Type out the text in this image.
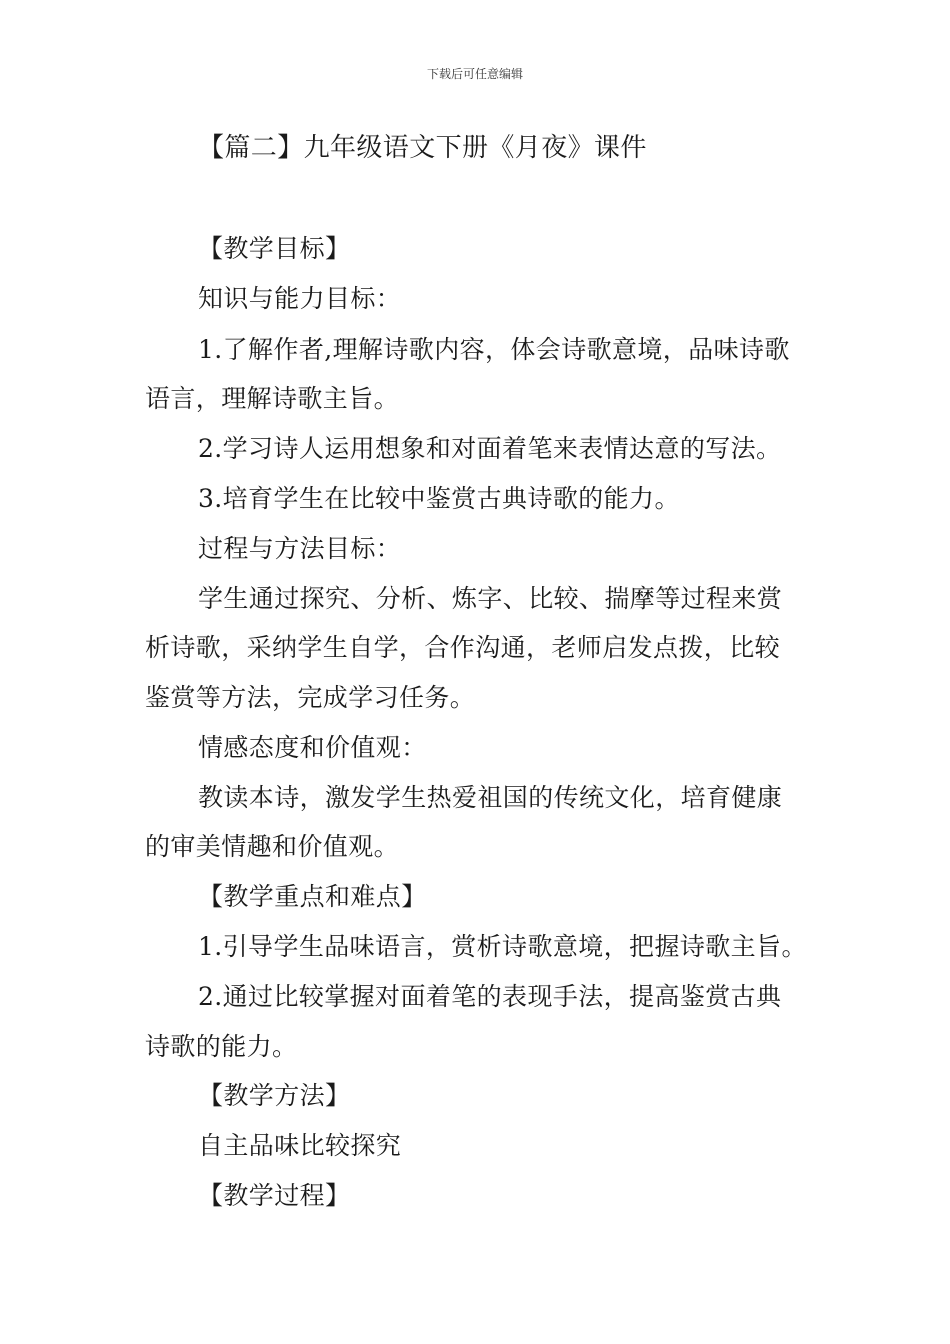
下载后可任意编辑
【篇二】九年级语文下册《月夜》课件
【教学目标】
知识与能力目标：
1.了解作者,理解诗歌内容，体会诗歌意境，品味诗歌
语言，理解诗歌主旨。
2.学习诗人运用想象和对面着笔来表情达意的写法。
3.培育学生在比较中鉴赏古典诗歌的能力。
过程与方法目标：
学生通过探究、分析、炼字、比较、揣摩等过程来赏
析诗歌，采纳学生自学，合作沟通，老师启发点拨，比较
鉴赏等方法，完成学习任务。
情感态度和价值观：
教读本诗，激发学生热爱祖国的传统文化，培育健康
的审美情趣和价值观。
【教学重点和难点】
1.引导学生品味语言，赏析诗歌意境，把握诗歌主旨。
2.通过比较掌握对面着笔的表现手法，提高鉴赏古典
诗歌的能力。
【教学方法】
自主品味比较探究
【教学过程】
